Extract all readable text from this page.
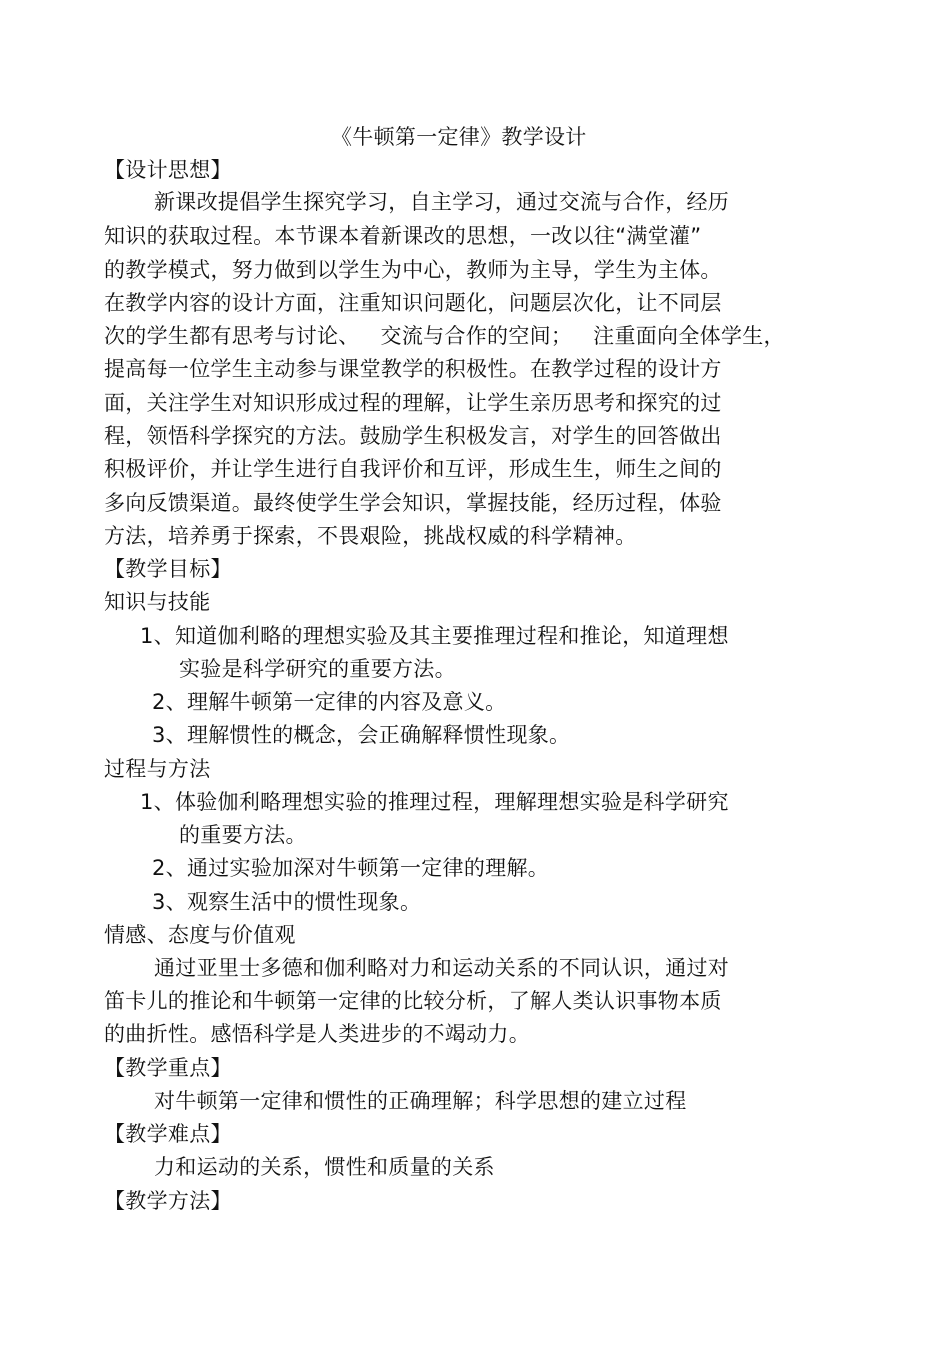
《牛顿第一定律》教学设计
【设计思想】
新课改提倡学生探究学习，自主学习，通过交流与合作，经历
知识的获取过程。本节课本着新课改的思想，一改以往“满堂灌”
的教学模式，努力做到以学生为中心，教师为主导，学生为主体。
在教学内容的设计方面，注重知识问题化，问题层次化，让不同层
次的学生都有思考与讨论、   交流与合作的空间；   注重面向全体学生，
提高每一位学生主动参与课堂教学的积极性。在教学过程的设计方
面，关注学生对知识形成过程的理解，让学生亲历思考和探究的过
程，领悟科学探究的方法。鼓励学生积极发言，对学生的回答做出
积极评价，并让学生进行自我评价和互评，形成生生，师生之间的
多向反馈渠道。最终使学生学会知识，掌握技能，经历过程，体验
方法，培养勇于探索，不畏艰险，挑战权威的科学精神。
【教学目标】
知识与技能
1、知道伽利略的理想实验及其主要推理过程和推论，知道理想
实验是科学研究的重要方法。
2、理解牛顿第一定律的内容及意义。
3、理解惯性的概念，会正确解释惯性现象。
过程与方法
1、体验伽利略理想实验的推理过程，理解理想实验是科学研究
的重要方法。
2、通过实验加深对牛顿第一定律的理解。
3、观察生活中的惯性现象。
情感、态度与价值观
通过亚里士多德和伽利略对力和运动关系的不同认识，通过对
笛卡儿的推论和牛顿第一定律的比较分析，了解人类认识事物本质
的曲折性。感悟科学是人类进步的不竭动力。
【教学重点】
对牛顿第一定律和惯性的正确理解；科学思想的建立过程
【教学难点】
力和运动的关系，惯性和质量的关系
【教学方法】
